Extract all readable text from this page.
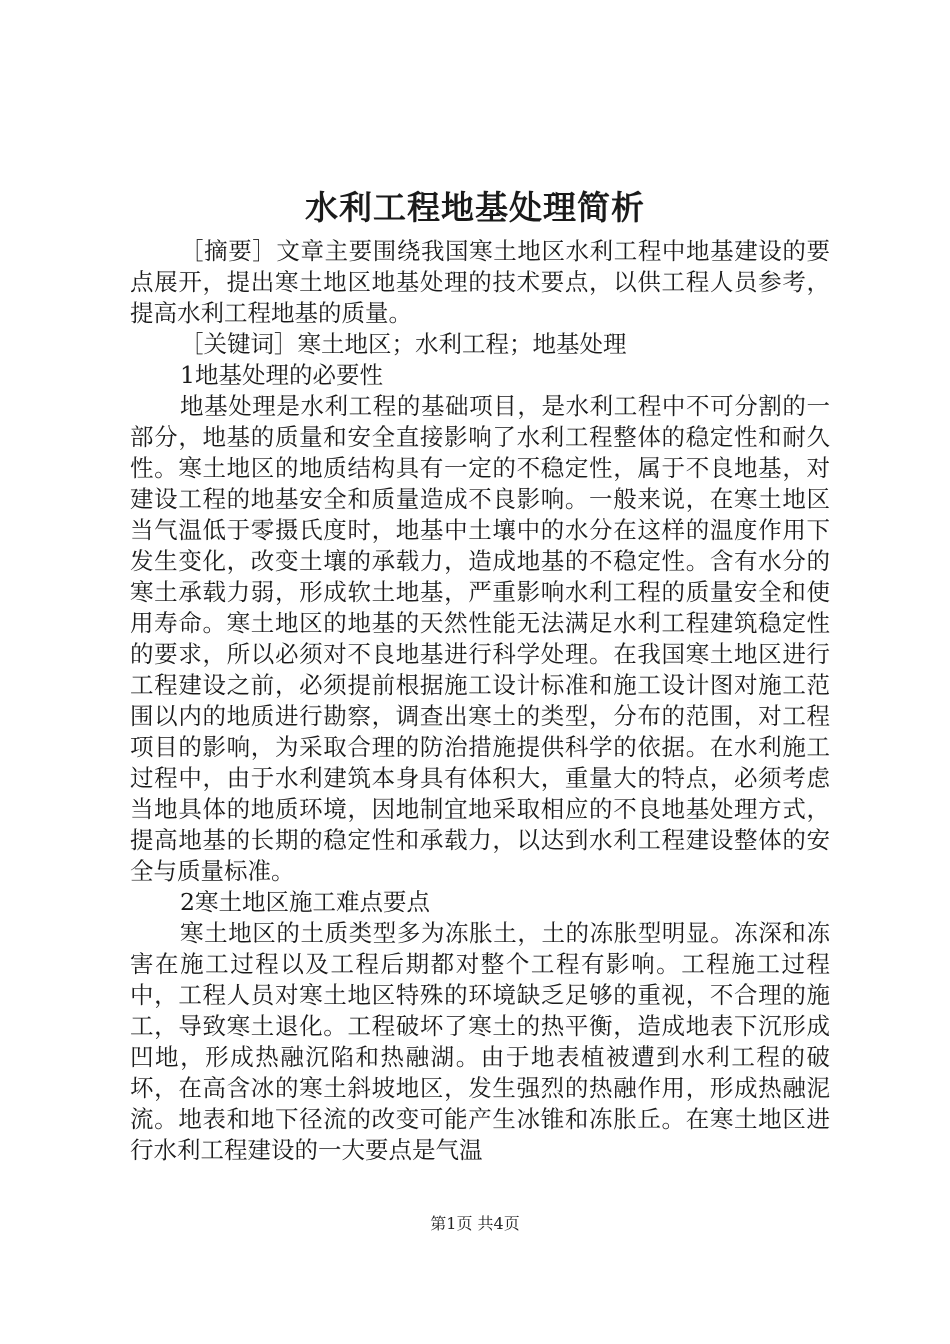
水利工程地基处理简析

［摘要］文章主要围绕我国寒土地区水利工程中地基建设的要点展开，提出寒土地区地基处理的技术要点，以供工程人员参考，提高水利工程地基的质量。

［关键词］寒土地区；水利工程；地基处理

1地基处理的必要性

地基处理是水利工程的基础项目，是水利工程中不可分割的一部分，地基的质量和安全直接影响了水利工程整体的稳定性和耐久性。寒土地区的地质结构具有一定的不稳定性，属于不良地基，对建设工程的地基安全和质量造成不良影响。一般来说，在寒土地区当气温低于零摄氏度时，地基中土壤中的水分在这样的温度作用下发生变化，改变土壤的承载力，造成地基的不稳定性。含有水分的寒土承载力弱，形成软土地基，严重影响水利工程的质量安全和使用寿命。寒土地区的地基的天然性能无法满足水利工程建筑稳定性的要求，所以必须对不良地基进行科学处理。在我国寒土地区进行工程建设之前，必须提前根据施工设计标准和施工设计图对施工范围以内的地质进行勘察，调查出寒土的类型，分布的范围，对工程项目的影响，为采取合理的防治措施提供科学的依据。在水利施工过程中，由于水利建筑本身具有体积大，重量大的特点，必须考虑当地具体的地质环境，因地制宜地采取相应的不良地基处理方式，提高地基的长期的稳定性和承载力，以达到水利工程建设整体的安全与质量标准。

2寒土地区施工难点要点

寒土地区的土质类型多为冻胀土，土的冻胀型明显。冻深和冻害在施工过程以及工程后期都对整个工程有影响。工程施工过程中，工程人员对寒土地区特殊的环境缺乏足够的重视，不合理的施工，导致寒土退化。工程破坏了寒土的热平衡，造成地表下沉形成凹地，形成热融沉陷和热融湖。由于地表植被遭到水利工程的破坏，在高含冰的寒土斜坡地区，发生强烈的热融作用，形成热融泥流。地表和地下径流的改变可能产生冰锥和冻胀丘。在寒土地区进行水利工程建设的一大要点是气温

第1页 共4页
